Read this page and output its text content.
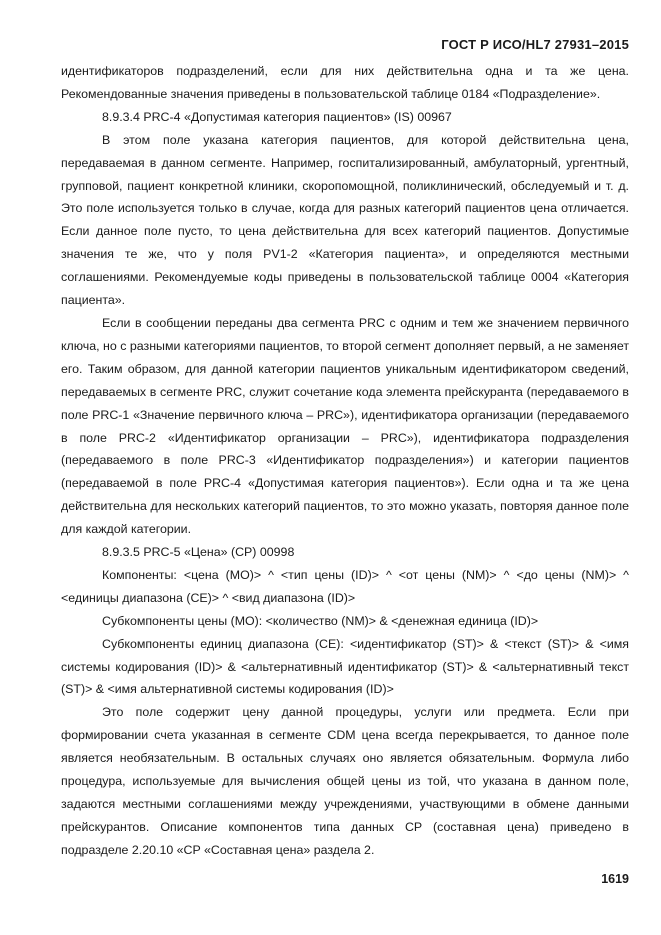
ГОСТ Р ИСО/HL7 27931–2015

идентификаторов подразделений, если для них действительна одна и та же цена. Рекомендованные значения приведены в пользовательской таблице 0184 «Подразделение».

8.9.3.4 PRC-4 «Допустимая категория пациентов» (IS) 00967

В этом поле указана категория пациентов, для которой действительна цена, передаваемая в данном сегменте. Например, госпитализированный, амбулаторный, ургентный, групповой, пациент конкретной клиники, скоропомощной, поликлинический, обследуемый и т. д. Это поле используется только в случае, когда для разных категорий пациентов цена отличается. Если данное поле пусто, то цена действительна для всех категорий пациентов. Допустимые значения те же, что у поля PV1-2 «Категория пациента», и определяются местными соглашениями. Рекомендуемые коды приведены в пользовательской таблице 0004 «Категория пациента».

Если в сообщении переданы два сегмента PRC с одним и тем же значением первичного ключа, но с разными категориями пациентов, то второй сегмент дополняет первый, а не заменяет его. Таким образом, для данной категории пациентов уникальным идентификатором сведений, передаваемых в сегменте PRC, служит сочетание кода элемента прейскуранта (передаваемого в поле PRC-1 «Значение первичного ключа – PRC»), идентификатора организации (передаваемого в поле PRC-2 «Идентификатор организации – PRC»), идентификатора подразделения (передаваемого в поле PRC-3 «Идентификатор подразделения») и категории пациентов (передаваемой в поле PRC-4 «Допустимая категория пациентов»). Если одна и та же цена действительна для нескольких категорий пациентов, то это можно указать, повторяя данное поле для каждой категории.

8.9.3.5 PRC-5 «Цена» (CP) 00998

Компоненты: <цена (MO)> ^ <тип цены (ID)> ^ <от цены (NM)> ^ <до цены (NM)> ^ <единицы диапазона (CE)> ^ <вид диапазона (ID)>

Субкомпоненты цены (MO): <количество (NM)> & <денежная единица (ID)>

Субкомпоненты единиц диапазона (CE): <идентификатор (ST)> & <текст (ST)> & <имя системы кодирования (ID)> & <альтернативный идентификатор (ST)> & <альтернативный текст (ST)> & <имя альтернативной системы кодирования (ID)>

Это поле содержит цену данной процедуры, услуги или предмета. Если при формировании счета указанная в сегменте CDM цена всегда перекрывается, то данное поле является необязательным. В остальных случаях оно является обязательным. Формула либо процедура, используемые для вычисления общей цены из той, что указана в данном поле, задаются местными соглашениями между учреждениями, участвующими в обмене данными прейскурантов. Описание компонентов типа данных CP (составная цена) приведено в подразделе 2.20.10 «CP «Составная цена» раздела 2.

1619
